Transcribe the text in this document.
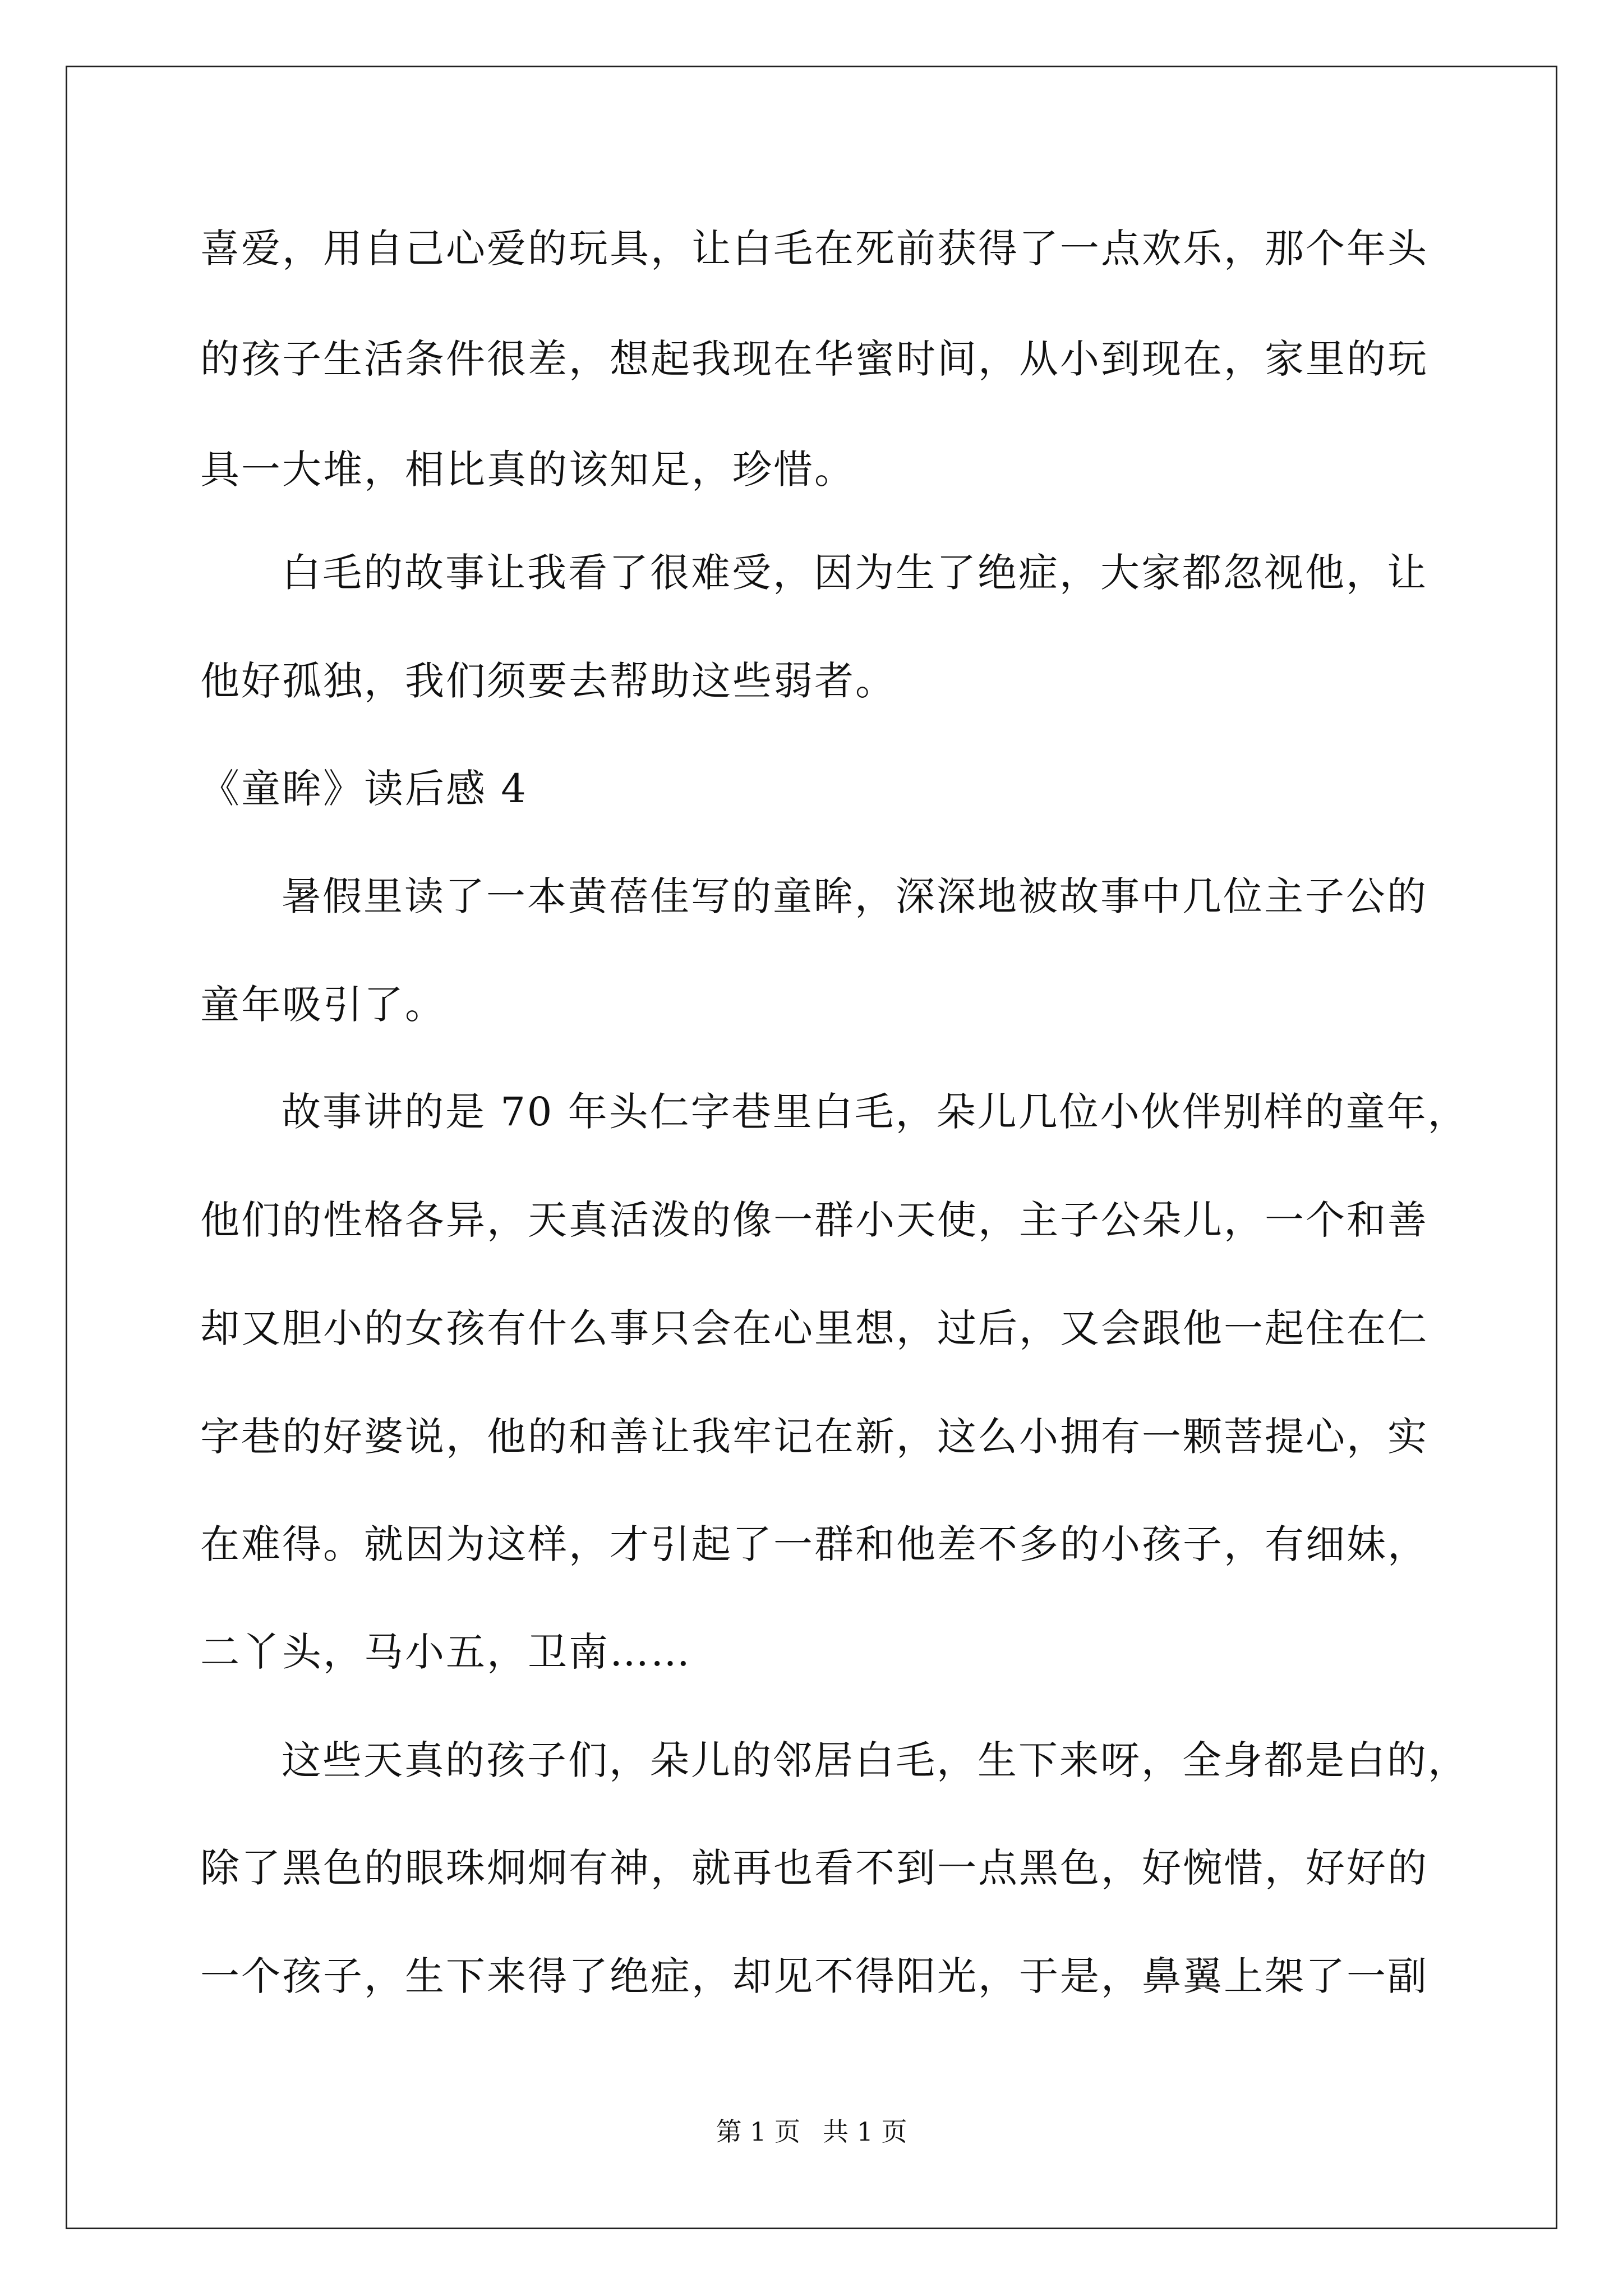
喜爱，用自己心爱的玩具，让白毛在死前获得了一点欢乐，那个年头

的孩子生活条件很差，想起我现在华蜜时间，从小到现在，家里的玩

具一大堆，相比真的该知足，珍惜。

白毛的故事让我看了很难受，因为生了绝症，大家都忽视他，让

他好孤独，我们须要去帮助这些弱者。

《童眸》读后感 4

暑假里读了一本黄蓓佳写的童眸，深深地被故事中几位主子公的

童年吸引了。

故事讲的是 70 年头仁字巷里白毛，朵儿几位小伙伴别样的童年，

他们的性格各异，天真活泼的像一群小天使，主子公朵儿，一个和善

却又胆小的女孩有什么事只会在心里想，过后，又会跟他一起住在仁

字巷的好婆说，他的和善让我牢记在新，这么小拥有一颗菩提心，实

在难得。就因为这样，才引起了一群和他差不多的小孩子，有细妹，

二丫头，马小五，卫南……

这些天真的孩子们，朵儿的邻居白毛，生下来呀，全身都是白的，

除了黑色的眼珠炯炯有神，就再也看不到一点黑色，好惋惜，好好的

一个孩子，生下来得了绝症，却见不得阳光，于是，鼻翼上架了一副

第 1 页 共 1 页
